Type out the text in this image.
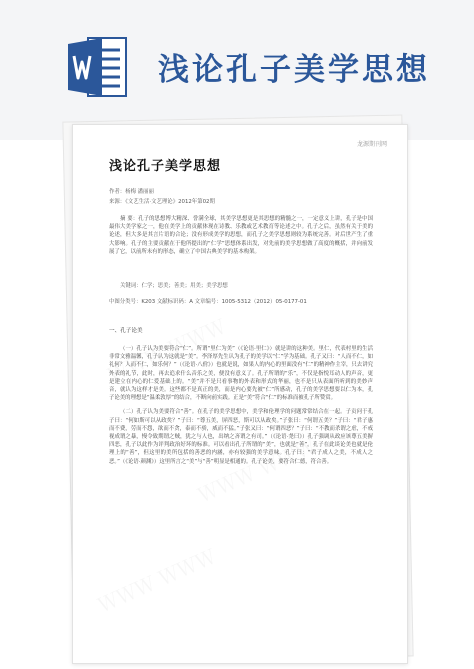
浅论孔子美学思想
龙源期刊网
浅论孔子美学思想
作者：杨梅 潘丽丽
来源：《文艺生活·文艺理论》2012年第02期

摘 要：孔子的思想博大精深、誉满全球，其美学思想更是其思想的精髓之一，一定意义上讲，孔子是中国最伟大美学家之一，他在美学上的贡献体现在诗教、乐教或艺术教育等论述之中。孔子之后，虽然有关于美的论述，但大多是其言片语的合论；没有形成美学的思想，而孔子之美学思想则较为系统完善。对后世产生了重大影响。孔子的主要贡献在于他所提出的“仁学”思想体系出发，对先前的美学思想做了高度的概括，并向前发展了它，以前所未有的形态，确立了中国古典美学的基本构架。

关键词：仁学；思美；善美；用美；美学思想
中图分类号：K203 文献标识码：A 文章编号：1005-5312（2012）05-0177-01

一、孔子论美

（一）孔子认为美要符合“仁”。所谓“里仁为美”（《论语·里仁》）就是讲的这种美。里仁，代表村里的生活非常文雅温馨，孔子认为这就是“美”。李泽厚先生认为孔子的美学以“仁”学为基础。孔子又曰：“人而不仁，如礼何？人而不仁，如乐何？”（《论语·八佾》）也就是说，如果人的内心的里面没有“仁”的精神作主宰，只去讲究外表的礼节，此时，再去追求什么音乐之美，便没有意义了。孔子所谓的“乐”，不仅是指悦耳动人的声音，更是建立在内心的仁爱基础上的。“美”并不是只看事物的外表和形式的华丽，也不是只从表面所听到的美妙声音，就认为这样才是美。这些都不是真正的美，而是内心要先被“仁”所感动，孔子的美学思想要以仁为本，孔子论美的理想是“温柔敦厚”的结合，不断向前实践。正是“美”符合“仁”的标准而被孔子所赞赏。

（二）孔子认为美要符合“善”。在孔子的美学思想中，美学和伦理学的问题常常结合在一起。子贡问于孔子曰：“何如斯可以从政矣？”子曰：“尊五美，屏四恶，斯可以从政矣。”子张曰：“何谓五美？”子曰：“君子惠而不费，劳而不怨，欲而不贪，泰而不骄，威而不猛。”子张又曰：“何谓四恶？”子曰：“不教而杀谓之虐，不戒视成谓之暴，慢令致期谓之贼，犹之与人也，出纳之吝谓之有司。”（《论语·尧曰》）孔子强调从政应该尊五美摒四恶，孔子以此作为评判政治好坏的标准。可以看出孔子所谓的“美”，也就是“善”。孔子在此谈论美也就是伦理上的“善”，但这里的美所包括的善恶的内涵，亦有较强的美学意味。孔子曰：“君子成人之美，不成人之恶。”（《论语·颜渊》）这里所言之“美”与“善”明显是相通的。孔子论美，要符合仁德，符合善。
